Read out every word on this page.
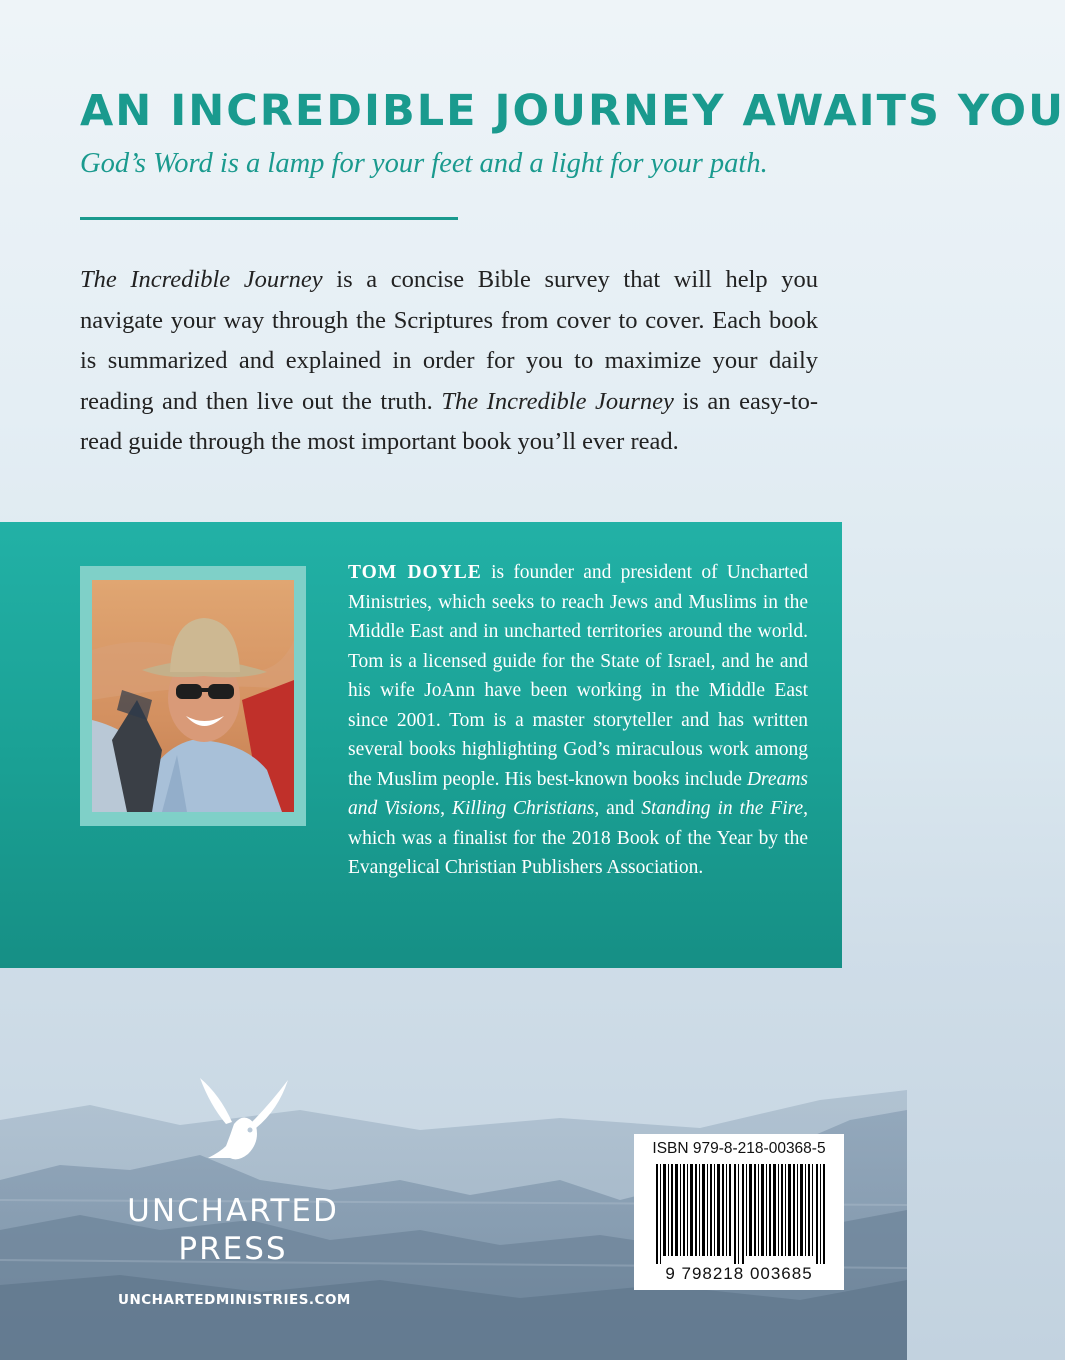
AN INCREDIBLE JOURNEY AWAITS YOU
God’s Word is a lamp for your feet and a light for your path.
The Incredible Journey is a concise Bible survey that will help you navigate your way through the Scriptures from cover to cover. Each book is summarized and explained in order for you to maximize your daily reading and then live out the truth. The Incredible Journey is an easy-to-read guide through the most important book you’ll ever read.
TOM DOYLE is founder and president of Uncharted Ministries, which seeks to reach Jews and Muslims in the Middle East and in uncharted territories around the world. Tom is a licensed guide for the State of Israel, and he and his wife JoAnn have been working in the Middle East since 2001. Tom is a master storyteller and has written several books highlighting God’s miraculous work among the Muslim people. His best-known books include Dreams and Visions, Killing Christians, and Standing in the Fire, which was a finalist for the 2018 Book of the Year by the Evangelical Christian Publishers Association.
UNCHARTED
PRESS
UNCHARTEDMINISTRIES.COM
ISBN 979-8-218-00368-5
9 798218 003685
